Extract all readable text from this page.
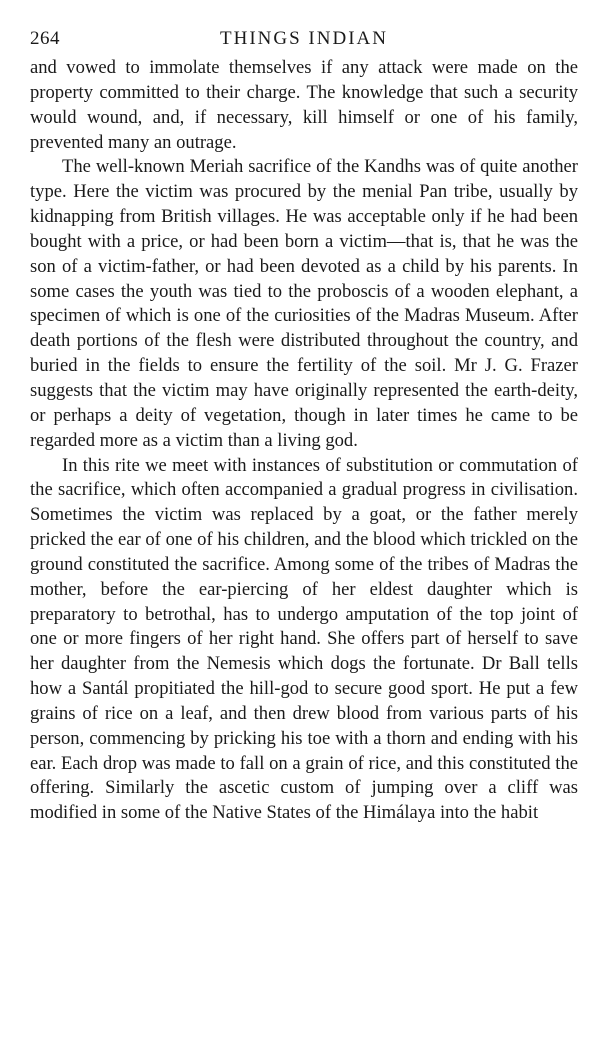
264	THINGS INDIAN

and vowed to immolate themselves if any attack were made on the property committed to their charge. The knowledge that such a security would wound, and, if necessary, kill himself or one of his family, prevented many an outrage.

The well-known Meriah sacrifice of the Kandhs was of quite another type. Here the victim was procured by the menial Pan tribe, usually by kidnapping from British villages. He was acceptable only if he had been bought with a price, or had been born a victim—that is, that he was the son of a victim-father, or had been devoted as a child by his parents. In some cases the youth was tied to the proboscis of a wooden elephant, a specimen of which is one of the curiosities of the Madras Museum. After death portions of the flesh were distributed throughout the country, and buried in the fields to ensure the fertility of the soil. Mr J. G. Frazer suggests that the victim may have originally represented the earth-deity, or perhaps a deity of vegetation, though in later times he came to be regarded more as a victim than a living god.

In this rite we meet with instances of substitution or commutation of the sacrifice, which often accompanied a gradual progress in civilisation. Sometimes the victim was replaced by a goat, or the father merely pricked the ear of one of his children, and the blood which trickled on the ground constituted the sacrifice. Among some of the tribes of Madras the mother, before the ear-piercing of her eldest daughter which is preparatory to betrothal, has to undergo amputation of the top joint of one or more fingers of her right hand. She offers part of herself to save her daughter from the Nemesis which dogs the fortunate. Dr Ball tells how a Santál propitiated the hill-god to secure good sport. He put a few grains of rice on a leaf, and then drew blood from various parts of his person, commencing by pricking his toe with a thorn and ending with his ear. Each drop was made to fall on a grain of rice, and this constituted the offering. Similarly the ascetic custom of jumping over a cliff was modified in some of the Native States of the Himálaya into the habit
